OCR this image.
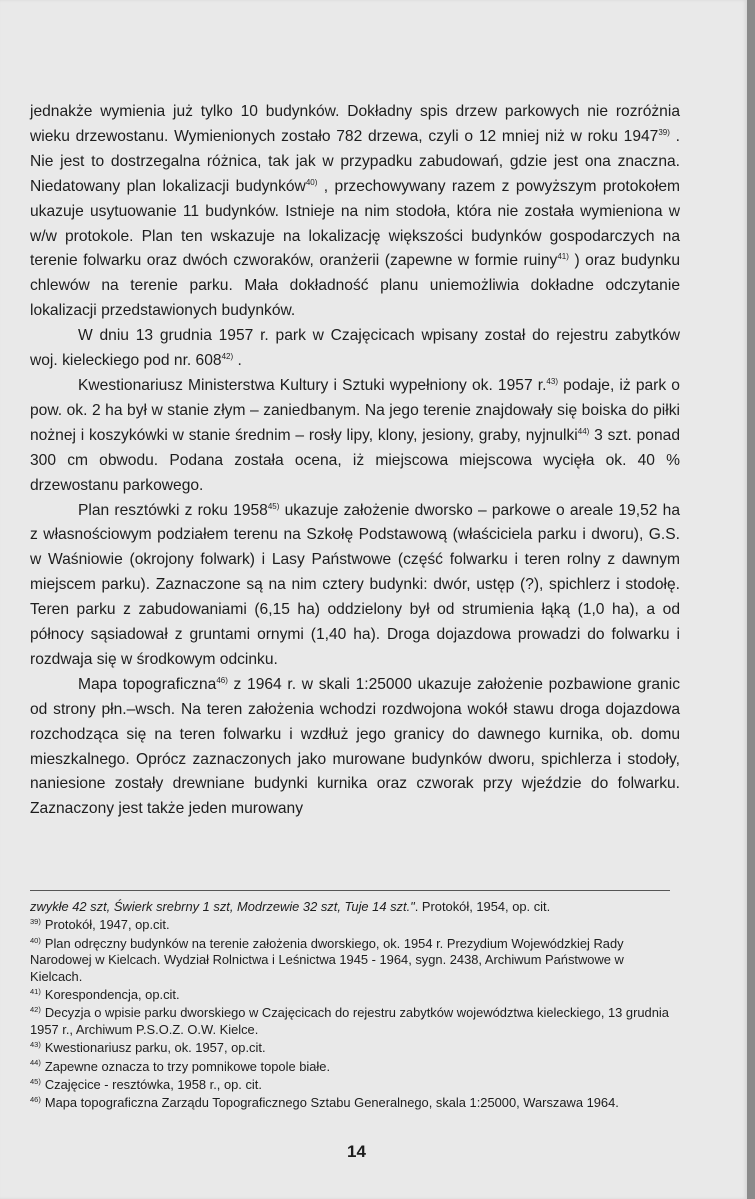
jednakże wymienia już tylko 10 budynków. Dokładny spis drzew parkowych nie rozróżnia wieku drzewostanu. Wymienionych zostało 782 drzewa, czyli o 12 mniej niż w roku 1947$^{39)}$ . Nie jest to dostrzegalna różnica, tak jak w przypadku zabudowań, gdzie jest ona znaczna. Niedatowany plan lokalizacji budynków$^{40)}$ , przechowywany razem z powyższym protokołem ukazuje usytuowanie 11 budynków. Istnieje na nim stodoła, która nie została wymieniona w w/w protokole. Plan ten wskazuje na lokalizację większości budynków gospodarczych na terenie folwarku oraz dwóch czworaków, oranżerii (zapewne w formie ruiny$^{41)}$ ) oraz budynku chlewów na terenie parku. Mała dokładność planu uniemożliwia dokładne odczytanie lokalizacji przedstawionych budynków.

W dniu 13 grudnia 1957 r. park w Czajęcicach wpisany został do rejestru zabytków woj. kieleckiego pod nr. 608$^{42)}$ .

Kwestionariusz Ministerstwa Kultury i Sztuki wypełniony ok. 1957 r.$^{43)}$ podaje, iż park o pow. ok. 2 ha był w stanie złym – zaniedbanym. Na jego terenie znajdowały się boiska do piłki nożnej i koszykówki w stanie średnim – rosły lipy, klony, jesiony, graby, nyjnulki$^{44)}$ 3 szt. ponad 300 cm obwodu. Podana została ocena, iż miejscowa miejscowa wycięła ok. 40 % drzewostanu parkowego.

Plan resztówki z roku 1958$^{45)}$ ukazuje założenie dworsko – parkowe o areale 19,52 ha z własnościowym podziałem terenu na Szkołę Podstawową (właściciela parku i dworu), G.S. w Waśniowie (okrojony folwark) i Lasy Państwowe (część folwarku i teren rolny z dawnym miejscem parku). Zaznaczone są na nim cztery budynki: dwór, ustęp (?), spichlerz i stodołę. Teren parku z zabudowaniami (6,15 ha) oddzielony był od strumienia łąką (1,0 ha), a od północy sąsiadował z gruntami ornymi (1,40 ha). Droga dojazdowa prowadzi do folwarku i rozdwaja się w środkowym odcinku.

Mapa topograficzna$^{46)}$ z 1964 r. w skali 1:25000 ukazuje założenie pozbawione granic od strony płn.–wsch. Na teren założenia wchodzi rozdwojona wokół stawu droga dojazdowa rozchodząca się na teren folwarku i wzdłuż jego granicy do dawnego kurnika, ob. domu mieszkalnego. Oprócz zaznaczonych jako murowane budynków dworu, spichlerza i stodoły, naniesione zostały drewniane budynki kurnika oraz czworak przy wjeździe do folwarku. Zaznaczony jest także jeden murowany

zwykłe 42 szt, Świerk srebrny 1 szt, Modrzewie 32 szt, Tuje 14 szt.". Protokół, 1954, op. cit.

$^{39)}$ Protokół, 1947, op.cit.

$^{40)}$ Plan odręczny budynków na terenie założenia dworskiego, ok. 1954 r. Prezydium Wojewódzkiej Rady Narodowej w Kielcach. Wydział Rolnictwa i Leśnictwa 1945 - 1964, sygn. 2438, Archiwum Państwowe w Kielcach.

$^{41)}$ Korespondencja, op.cit.

$^{42)}$ Decyzja o wpisie parku dworskiego w Czajęcicach do rejestru zabytków województwa kieleckiego, 13 grudnia 1957 r., Archiwum P.S.O.Z. O.W. Kielce.

$^{43)}$ Kwestionariusz parku, ok. 1957, op.cit.

$^{44)}$ Zapewne oznacza to trzy pomnikowe topole białe.

$^{45)}$ Czajęcice - resztówka, 1958 r., op. cit.

$^{46)}$ Mapa topograficzna Zarządu Topograficznego Sztabu Generalnego, skala 1:25000, Warszawa 1964.

14
